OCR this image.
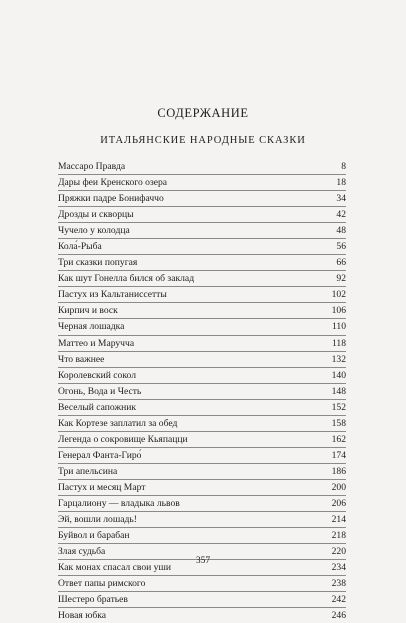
СОДЕРЖАНИЕ
ИТАЛЬЯНСКИЕ НАРОДНЫЕ СКАЗКИ
Массаро Правда	8
Дары феи Кренского озера	18
Пряжки падре Бонифаччо	34
Дрозды и скворцы	42
Чучело у колодца	48
Кола́-Рыба	56
Три сказки попугая	66
Как шут Гонелла бился об заклад	92
Пастух из Кальтаниссетты	102
Кирпич и воск	106
Черная лошадка	110
Маттео и Маручча	118
Что важнее	132
Королевский сокол	140
Огонь, Вода и Честь	148
Веселый сапожник	152
Как Кортезе заплатил за обед	158
Легенда о сокровище Кьяпацци	162
Генерал Фанта-Гиро́	174
Три апельсина	186
Пастух и месяц Март	200
Гарцалиону — владыка львов	206
Эй, вошли лошадь!	214
Буйвол и барабан	218
Злая судьба	220
Как монах спасал свои уши	234
Ответ папы римского	238
Шестеро братьев	242
Новая юбка	246
357
